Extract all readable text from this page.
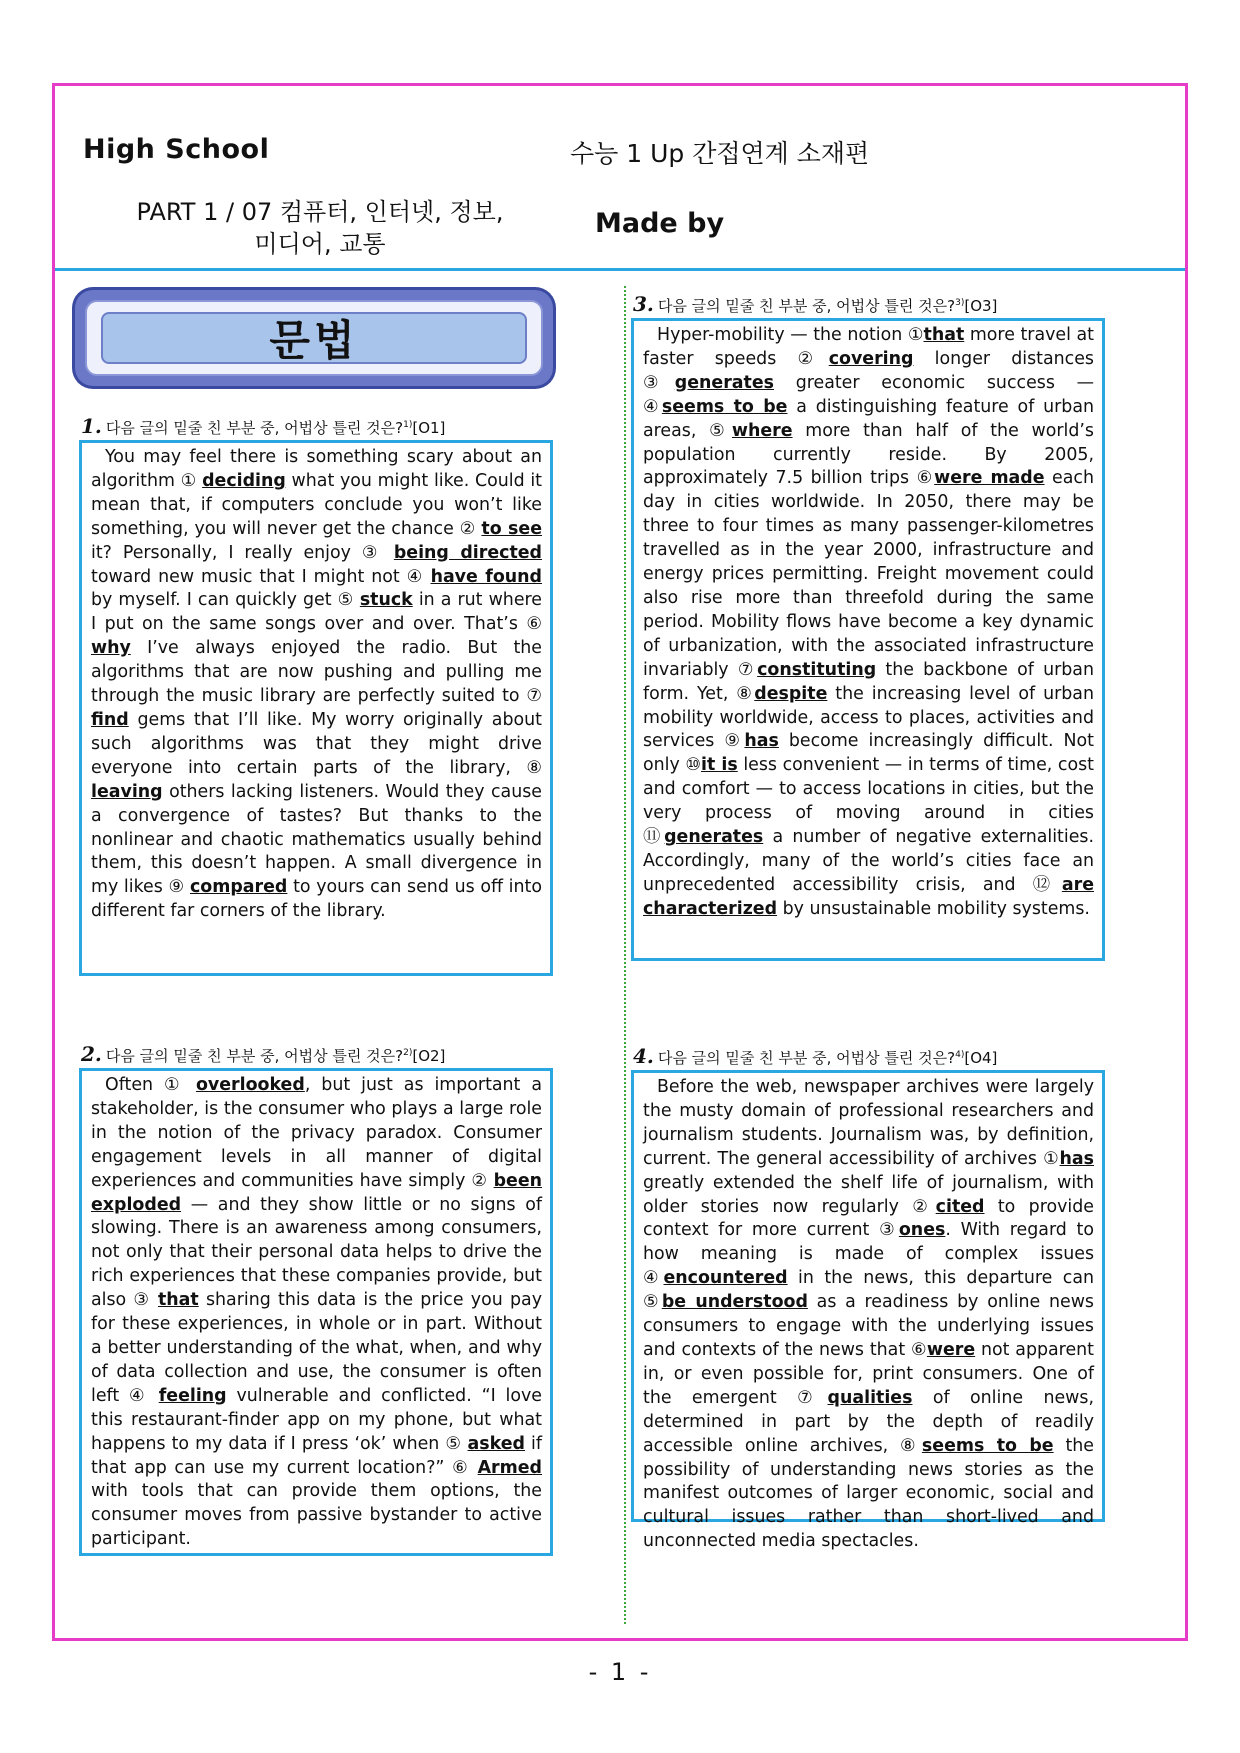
High School	수능 1 Up 간접연계 소재편
PART 1 / 07 컴퓨터, 인터넷, 정보,
미디어, 교통
Made by
문법
1. 다음 글의 밑줄 친 부분 중, 어법상 틀린 것은?$^{1)}$[O1]
You may feel there is something scary about an algorithm ① deciding what you might like. Could it mean that, if computers conclude you won’t like something, you will never get the chance ② to see it? Personally, I really enjoy ③ being directed toward new music that I might not ④ have found by myself. I can quickly get ⑤ stuck in a rut where I put on the same songs over and over. That’s ⑥ why I’ve always enjoyed the radio. But the algorithms that are now pushing and pulling me through the music library are perfectly suited to ⑦ find gems that I’ll like. My worry originally about such algorithms was that they might drive everyone into certain parts of the library, ⑧ leaving others lacking listeners. Would they cause a convergence of tastes? But thanks to the nonlinear and chaotic mathematics usually behind them, this doesn’t happen. A small divergence in my likes ⑨ compared to yours can send us off into different far corners of the library.
2. 다음 글의 밑줄 친 부분 중, 어법상 틀린 것은?$^{2)}$[O2]
Often ① overlooked, but just as important a stakeholder, is the consumer who plays a large role in the notion of the privacy paradox. Consumer engagement levels in all manner of digital experiences and communities have simply ② been exploded — and they show little or no signs of slowing. There is an awareness among consumers, not only that their personal data helps to drive the rich experiences that these companies provide, but also ③ that sharing this data is the price you pay for these experiences, in whole or in part. Without a better understanding of the what, when, and why of data collection and use, the consumer is often left ④ feeling vulnerable and conflicted. “I love this restaurant-finder app on my phone, but what happens to my data if I press ‘ok’ when ⑤ asked if that app can use my current location?” ⑥ Armed with tools that can provide them options, the consumer moves from passive bystander to active participant.
3. 다음 글의 밑줄 친 부분 중, 어법상 틀린 것은?$^{3)}$[O3]
Hyper-mobility — the notion ①that more travel at faster speeds ②covering longer distances ③generates greater economic success — ④seems to be a distinguishing feature of urban areas, ⑤where more than half of the world’s population currently reside. By 2005, approximately 7.5 billion trips ⑥were made each day in cities worldwide. In 2050, there may be three to four times as many passenger-kilometres travelled as in the year 2000, infrastructure and energy prices permitting. Freight movement could also rise more than threefold during the same period. Mobility flows have become a key dynamic of urbanization, with the associated infrastructure invariably ⑦constituting the backbone of urban form. Yet, ⑧despite the increasing level of urban mobility worldwide, access to places, activities and services ⑨has become increasingly difficult. Not only ⑩it is less convenient — in terms of time, cost and comfort — to access locations in cities, but the very process of moving around in cities ⑪generates a number of negative externalities. Accordingly, many of the world’s cities face an unprecedented accessibility crisis, and ⑫are characterized by unsustainable mobility systems.
4. 다음 글의 밑줄 친 부분 중, 어법상 틀린 것은?$^{4)}$[O4]
Before the web, newspaper archives were largely the musty domain of professional researchers and journalism students. Journalism was, by definition, current. The general accessibility of archives ①has greatly extended the shelf life of journalism, with older stories now regularly ②cited to provide context for more current ③ones. With regard to how meaning is made of complex issues ④encountered in the news, this departure can ⑤be understood as a readiness by online news consumers to engage with the underlying issues and contexts of the news that ⑥were not apparent in, or even possible for, print consumers. One of the emergent ⑦qualities of online news, determined in part by the depth of readily accessible online archives, ⑧seems to be the possibility of understanding news stories as the manifest outcomes of larger economic, social and cultural issues rather than short-lived and unconnected media spectacles.
- 1 -
